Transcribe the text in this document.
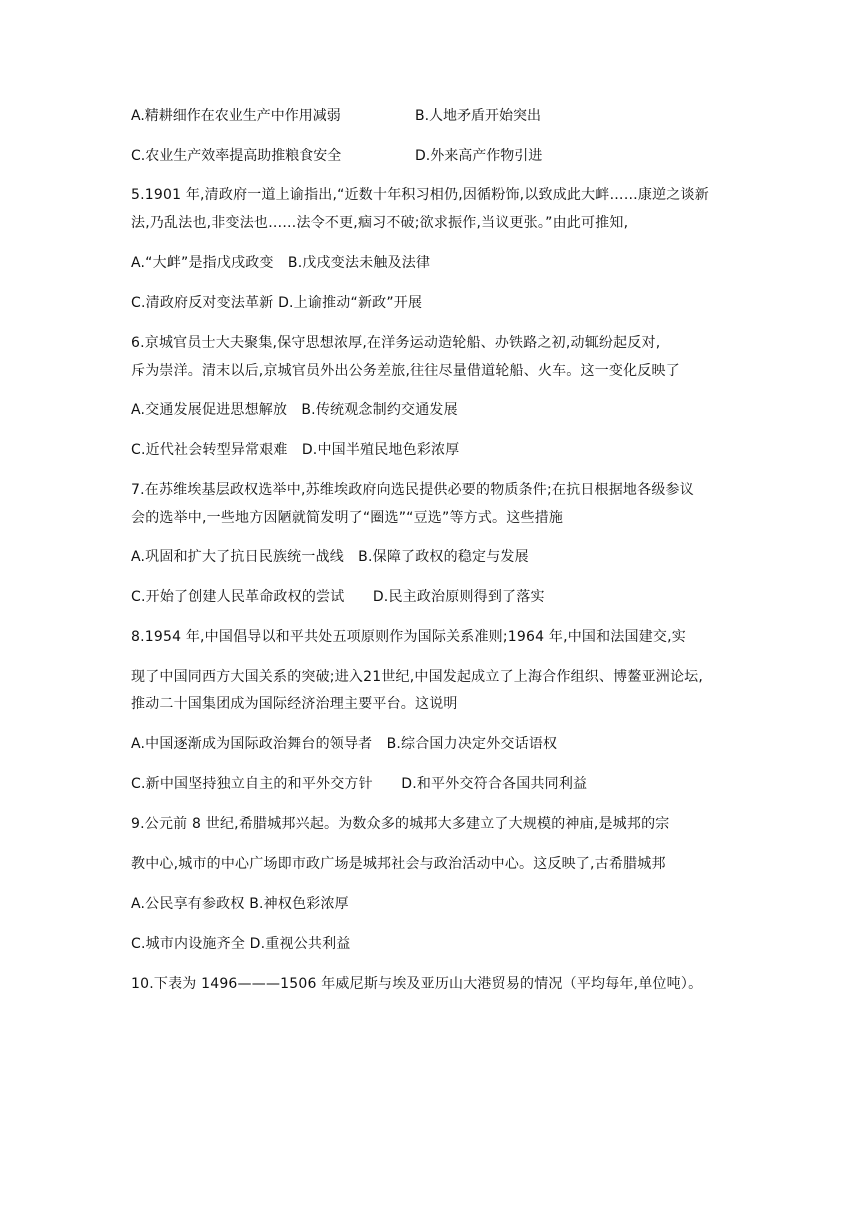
A.精耕细作在农业生产中作用减弱	B.人地矛盾开始突出
C.农业生产效率提高助推粮食安全	D.外来高产作物引进
5.1901 年,清政府一道上谕指出,“近数十年积习相仍,因循粉饰,以致成此大衅……康逆之谈新
法,乃乱法也,非变法也……法令不更,痼习不破;欲求振作,当议更张。”由此可推知,
A.“大衅”是指戊戌政变　B.戊戌变法未触及法律
C.清政府反对变法革新 D.上谕推动“新政”开展
6.京城官员士大夫聚集,保守思想浓厚,在洋务运动造轮船、办铁路之初,动辄纷起反对,
斥为崇洋。清末以后,京城官员外出公务差旅,往往尽量借道轮船、火车。这一变化反映了
A.交通发展促进思想解放　B.传统观念制约交通发展
C.近代社会转型异常艰难　D.中国半殖民地色彩浓厚
7.在苏维埃基层政权选举中,苏维埃政府向选民提供必要的物质条件;在抗日根据地各级参议
会的选举中,一些地方因陋就简发明了“圈选”“豆选”等方式。这些措施
A.巩固和扩大了抗日民族统一战线　B.保障了政权的稳定与发展
C.开始了创建人民革命政权的尝试　　D.民主政治原则得到了落实
8.1954 年,中国倡导以和平共处五项原则作为国际关系准则;1964 年,中国和法国建交,实
现了中国同西方大国关系的突破;进入21世纪,中国发起成立了上海合作组织、博鳌亚洲论坛,
推动二十国集团成为国际经济治理主要平台。这说明
A.中国逐渐成为国际政治舞台的领导者　B.综合国力决定外交话语权
C.新中国坚持独立自主的和平外交方针　　D.和平外交符合各国共同利益
9.公元前 8 世纪,希腊城邦兴起。为数众多的城邦大多建立了大规模的神庙,是城邦的宗
教中心,城市的中心广场即市政广场是城邦社会与政治活动中心。这反映了,古希腊城邦
A.公民享有参政权 B.神权色彩浓厚
C.城市内设施齐全 D.重视公共利益
10.下表为 1496———1506 年威尼斯与埃及亚历山大港贸易的情况（平均每年,单位吨）。
